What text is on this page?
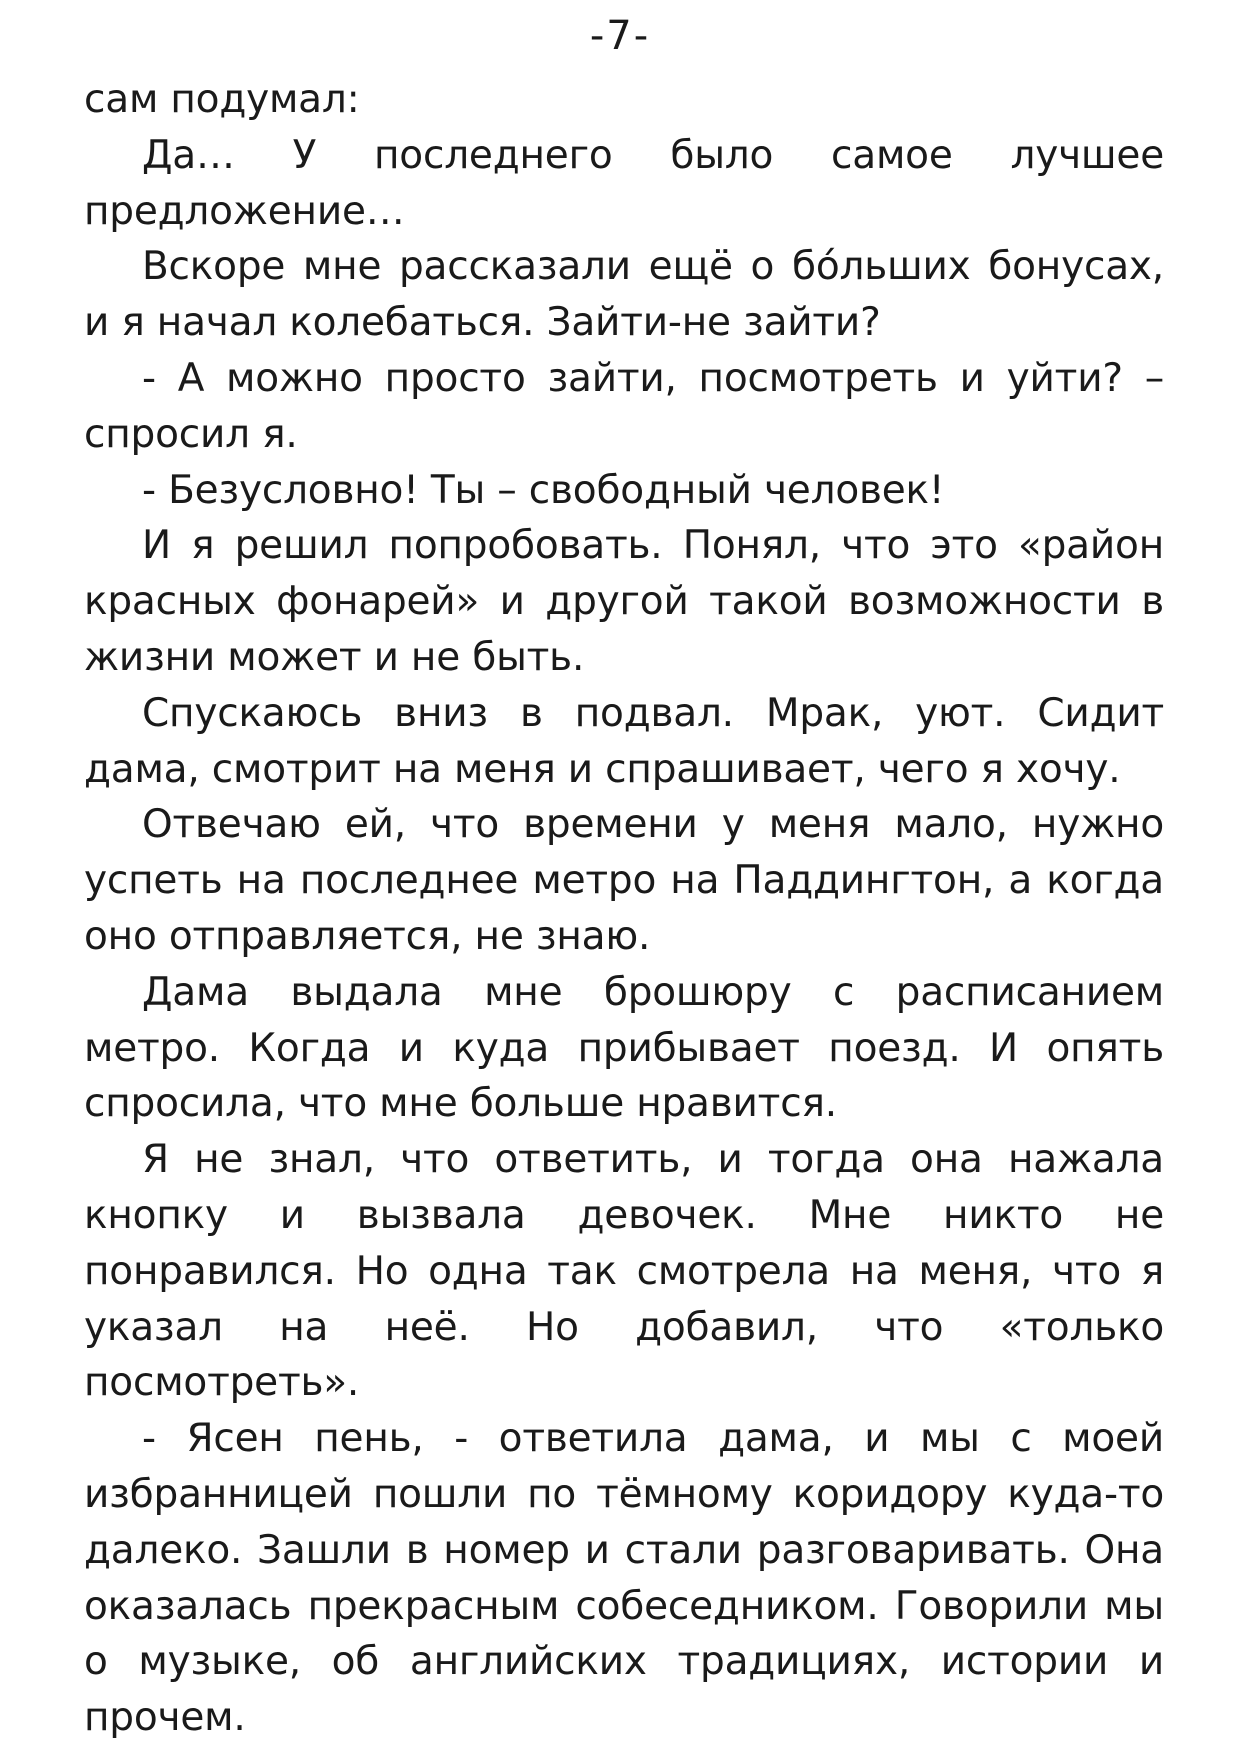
-7-

сам подумал:

Да… У последнего было самое лучшее предложение…

Вскоре мне рассказали ещё о бо́льших бонусах, и я начал колебаться. Зайти-не зайти?

- А можно просто зайти, посмотреть и уйти? – спросил я.

- Безусловно! Ты – свободный человек!

И я решил попробовать. Понял, что это «район красных фонарей» и другой такой возможности в жизни может и не быть.

Спускаюсь вниз в подвал. Мрак, уют. Сидит дама, смотрит на меня и спрашивает, чего я хочу.

Отвечаю ей, что времени у меня мало, нужно успеть на последнее метро на Паддингтон, а когда оно отправляется, не знаю.

Дама выдала мне брошюру с расписанием метро. Когда и куда прибывает поезд. И опять спросила, что мне больше нравится.

Я не знал, что ответить, и тогда она нажала кнопку и вызвала девочек. Мне никто не понравился. Но одна так смотрела на меня, что я указал на неё. Но добавил, что «только посмотреть».

- Ясен пень, - ответила дама, и мы с моей избранницей пошли по тёмному коридору куда-то далеко. Зашли в номер и стали разговаривать. Она оказалась прекрасным собеседником. Говорили мы о музыке, об английских традициях, истории и прочем.
